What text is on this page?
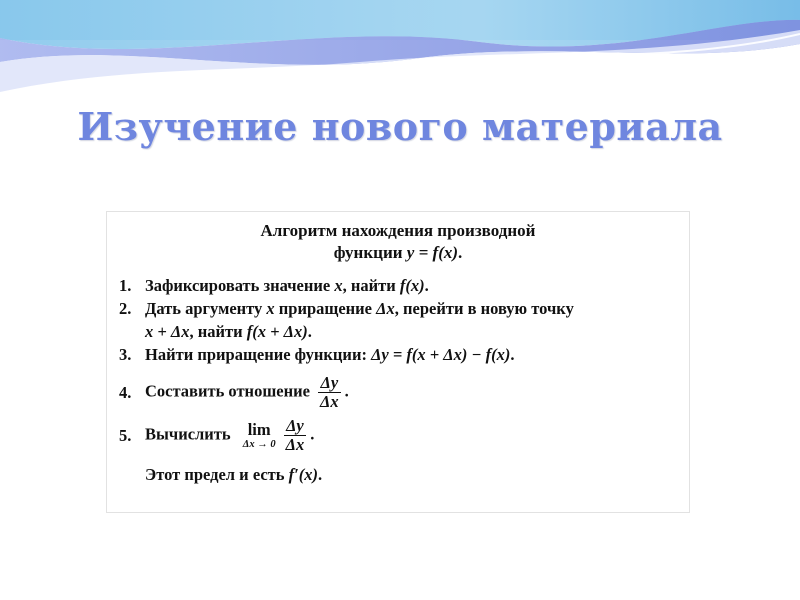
Изучение нового материала
Алгоритм нахождения производной
функции y = f(x).
1. Зафиксировать значение x, найти f(x).
2. Дать аргументу x приращение Δx, перейти в новую точку
x + Δx, найти f(x + Δx).
3. Найти приращение функции: Δy = f(x + Δx) − f(x).
4. Составить отношение $\frac{\Delta y}{\Delta x}$ .
5. Вычислить lim
$\Delta x \to 0 \frac{\Delta y}{\Delta x}$ .
Этот предел и есть f′(x).
